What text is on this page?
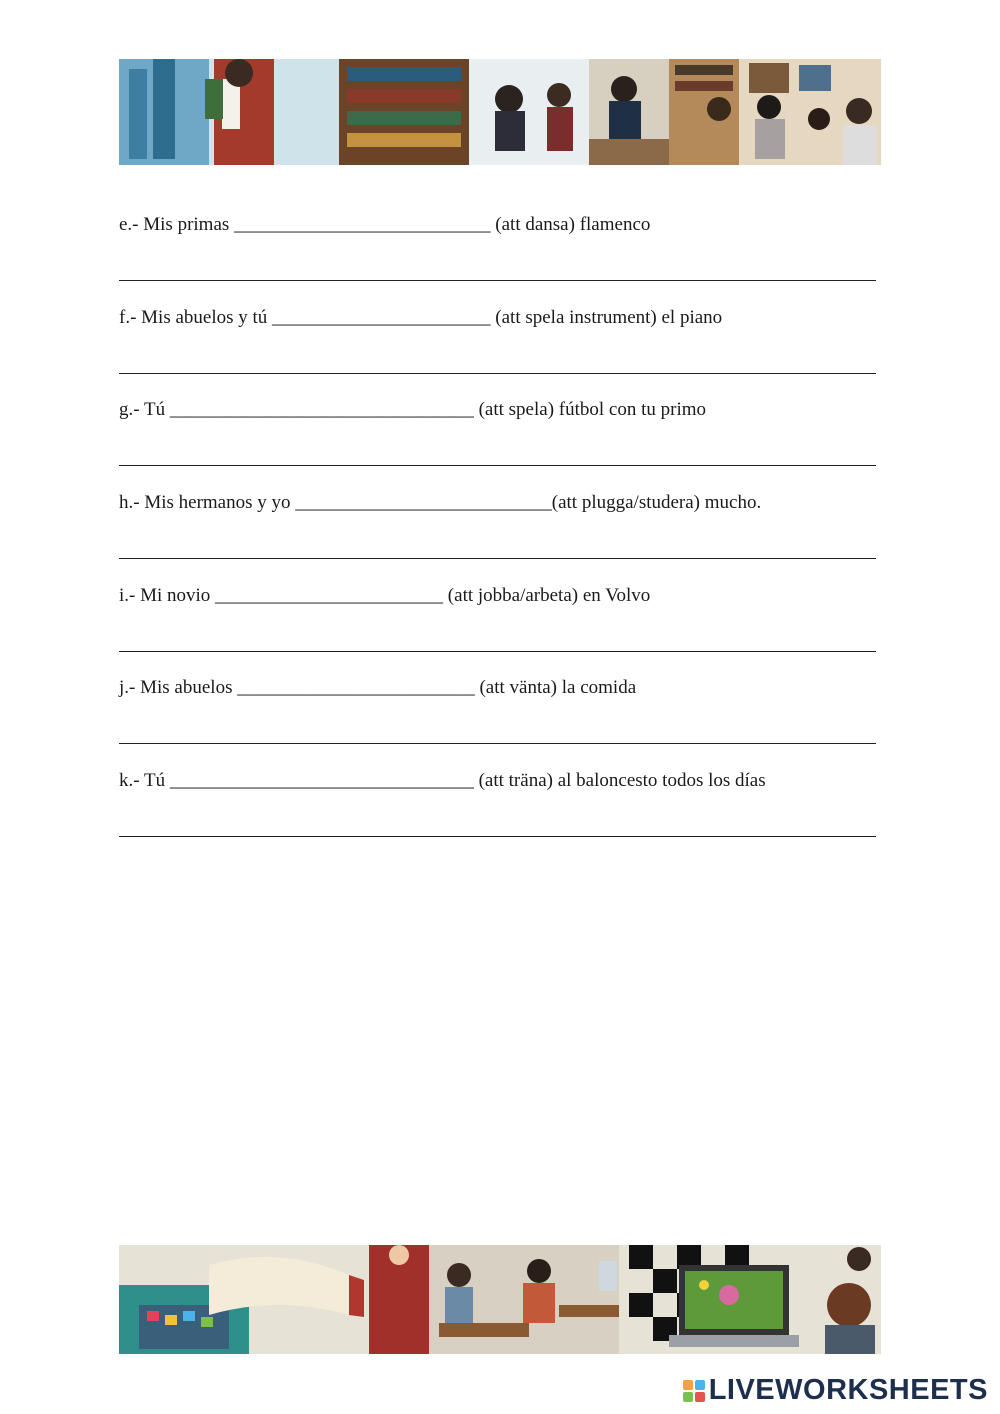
e.- Mis primas ___________________________ (att dansa) flamenco
f.- Mis abuelos y tú _______________________ (att spela instrument) el piano
g.- Tú ________________________________ (att spela) fútbol con tu primo
h.- Mis hermanos y yo ___________________________(att plugga/studera) mucho.
i.- Mi novio ________________________ (att jobba/arbeta) en Volvo
j.- Mis abuelos _________________________ (att vänta) la comida
k.- Tú ________________________________ (att träna) al baloncesto todos los días
LIVEWORKSHEETS
